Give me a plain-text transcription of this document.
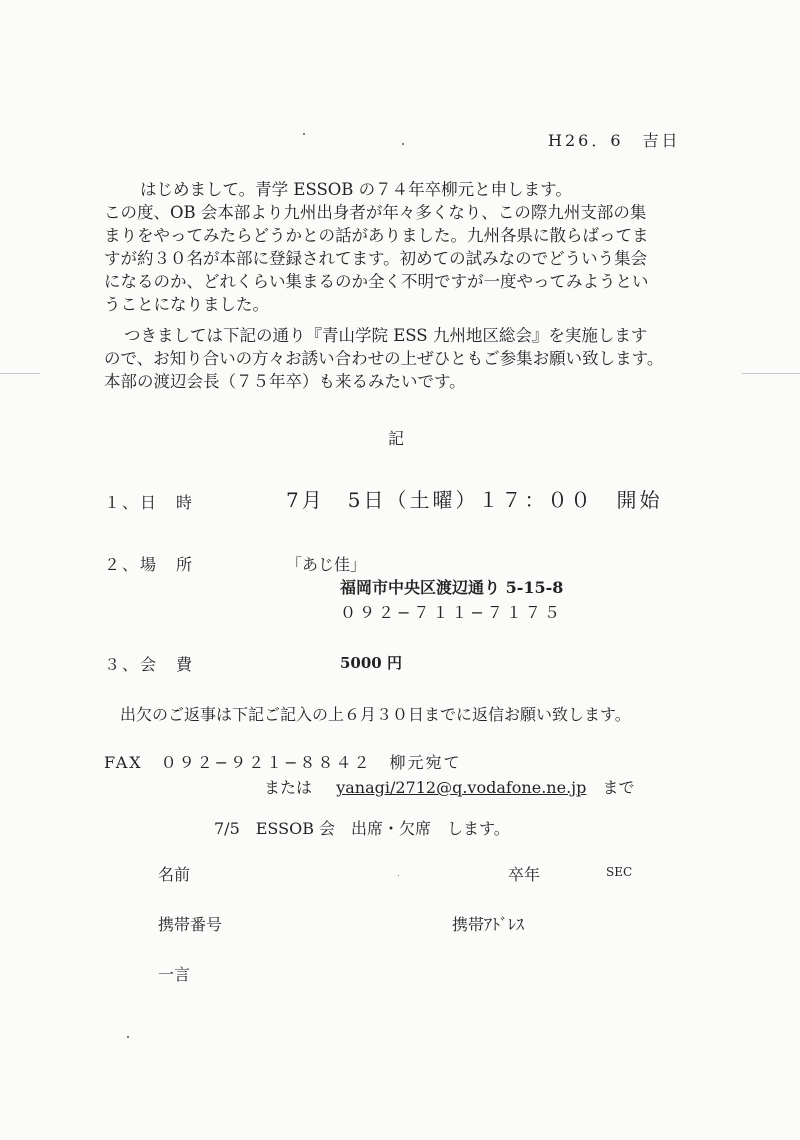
H26．6　吉日
はじめまして。青学 ESSOB の７４年卒柳元と申します。
この度、OB 会本部より九州出身者が年々多くなり、この際九州支部の集
まりをやってみたらどうかとの話がありました。九州各県に散らばってま
すが約３０名が本部に登録されてます。初めての試みなのでどういう集会
になるのか、どれくらい集まるのか全く不明ですが一度やってみようとい
うことになりました。
つきましては下記の通り『青山学院 ESS 九州地区総会』を実施します
ので、お知り合いの方々お誘い合わせの上ぜひともご参集お願い致します。
本部の渡辺会長（７５年卒）も来るみたいです。
記
１、日　時	7月　5日（土曜）１７：００　開始
２、場　所	「あじ佳」
福岡市中央区渡辺通り 5-15-8
０９２−７１１−７１７５
３、会　費	5000 円
出欠のご返事は下記ご記入の上６月３０日までに返信お願い致します。
FAX　０９２−９２１−８８４２　柳元宛て
または yanagi/2712@q.vodafone.ne.jp まで
7/5　ESSOB 会　出席・欠席　します。
名前	卒年	SEC
携帯番号	携帯ｱﾄﾞﾚｽ
一言
